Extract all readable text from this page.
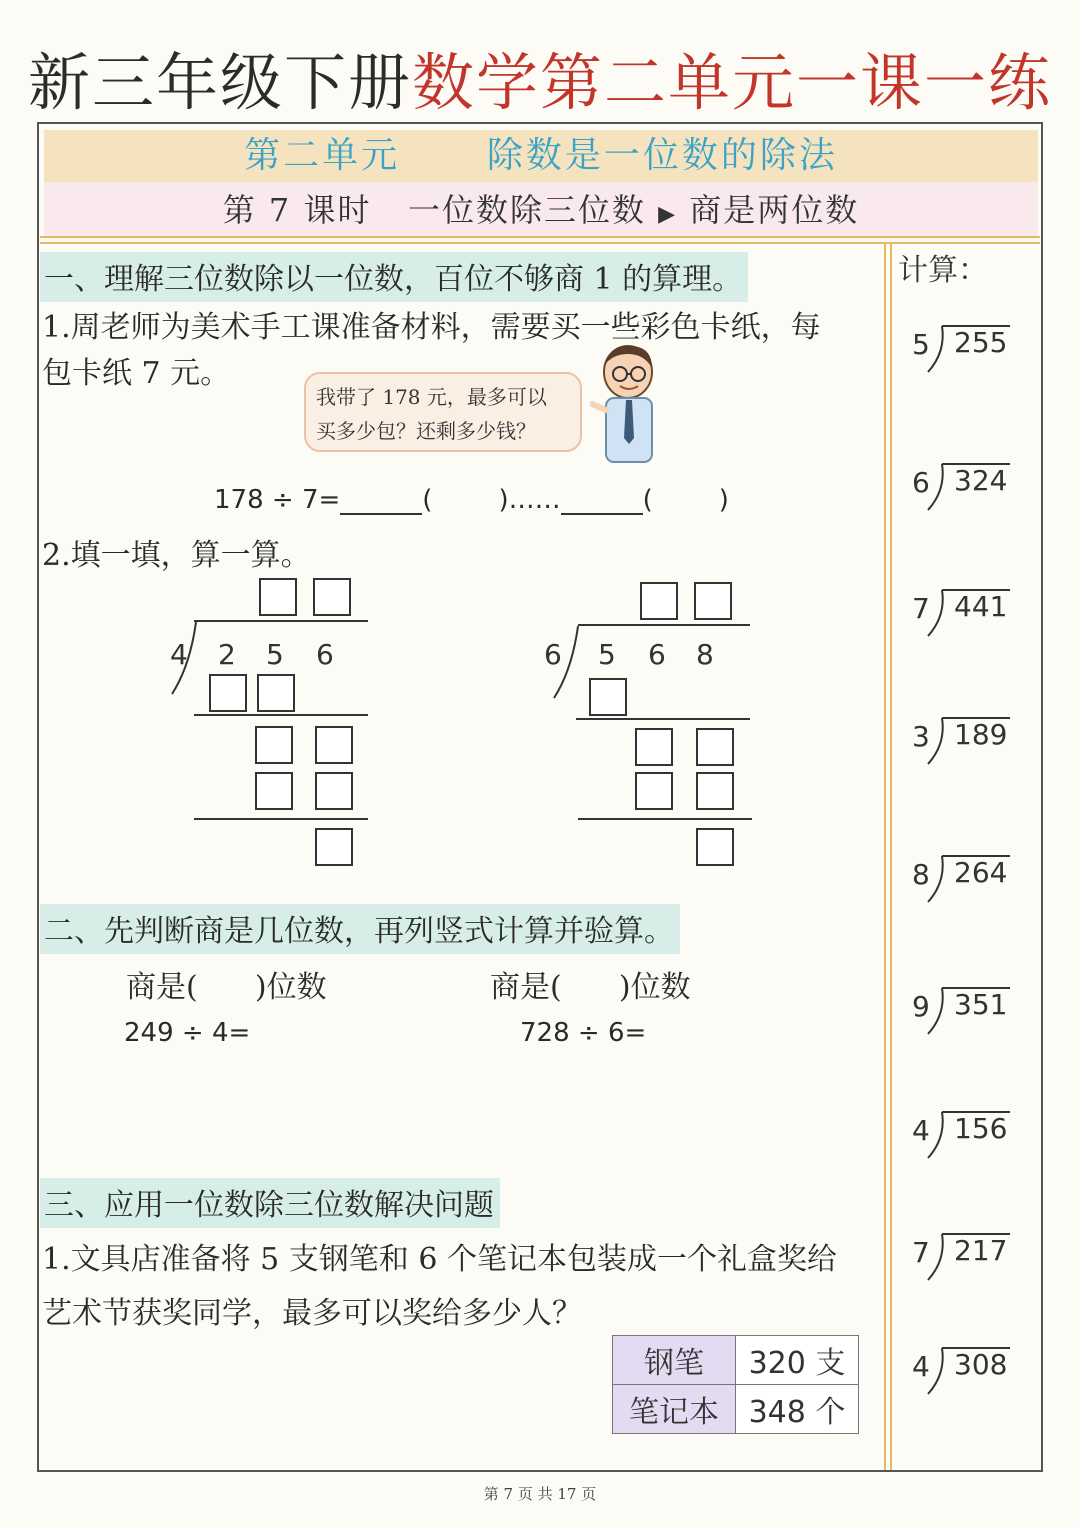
新三年级下册数学第二单元一课一练
第二单元 除数是一位数的除法
第 7 课时 一位数除三位数 ▶ 商是两位数
一、理解三位数除以一位数，百位不够商 1 的算理。
1.周老师为美术手工课准备材料，需要买一些彩色卡纸，每
包卡纸 7 元。
我带了 178 元，最多可以
买多少包？还剩多少钱？
178 ÷ 7=	(	)……	(	)
2.填一填，算一算。
4 2 5 6	6 5 6 8
二、先判断商是几位数，再列竖式计算并验算。
商是(      )位数	商是(      )位数
249 ÷ 4=	728 ÷ 6=
三、应用一位数除三位数解决问题
1.文具店准备将 5 支钢笔和 6 个笔记本包装成一个礼盒奖给
艺术节获奖同学，最多可以奖给多少人？
钢笔	320 支
笔记本	348 个
计算：
5 255
6 324
7 441
3 189
8 264
9 351
4 156
7 217
4 308
第 7 页 共 17 页
